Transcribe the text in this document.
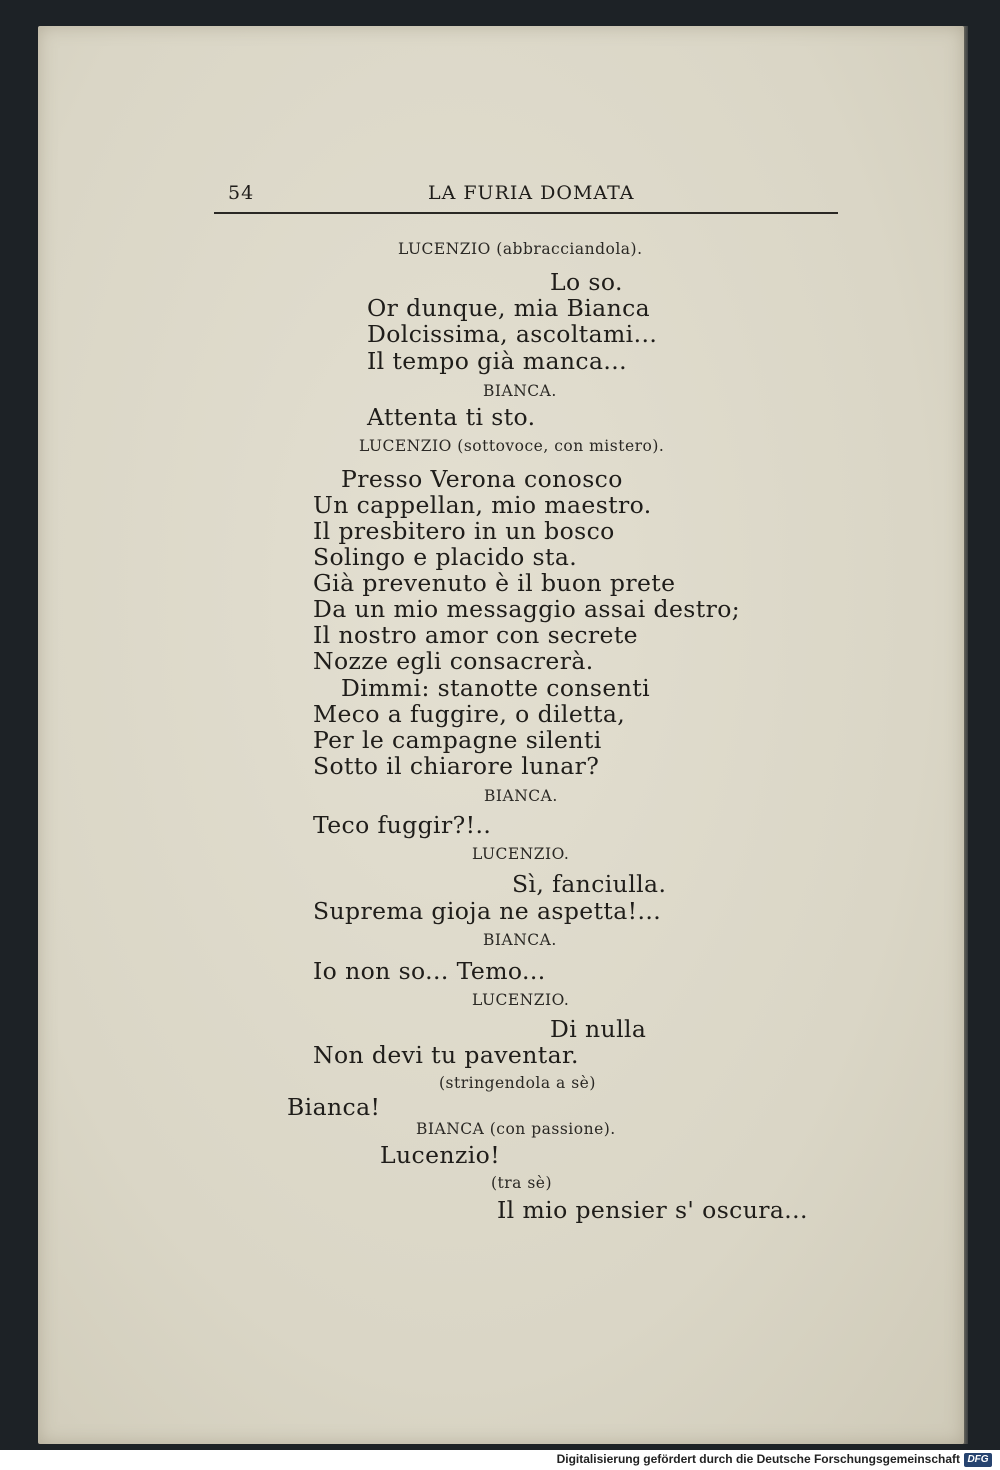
54	LA FURIA DOMATA
LUCENZIO (abbracciandola).
Lo so.
Or dunque, mia Bianca
Dolcissima, ascoltami...
Il tempo già manca...
BIANCA.
Attenta ti sto.
LUCENZIO (sottovoce, con mistero).
Presso Verona conosco
Un cappellan, mio maestro.
Il presbitero in un bosco
Solingo e placido sta.
Già prevenuto è il buon prete
Da un mio messaggio assai destro;
Il nostro amor con secrete
Nozze egli consacrerà.
Dimmi: stanotte consenti
Meco a fuggire, o diletta,
Per le campagne silenti
Sotto il chiarore lunar?
BIANCA.
Teco fuggir?!..
LUCENZIO.
Sì, fanciulla.
Suprema gioja ne aspetta!...
BIANCA.
Io non so... Temo...
LUCENZIO.
Di nulla
Non devi tu paventar.
(stringendola a sè)
Bianca!
BIANCA (con passione).
Lucenzio!
(tra sè)
Il mio pensier s' oscura...
Digitalisierung gefördert durch die Deutsche Forschungsgemeinschaft DFG
